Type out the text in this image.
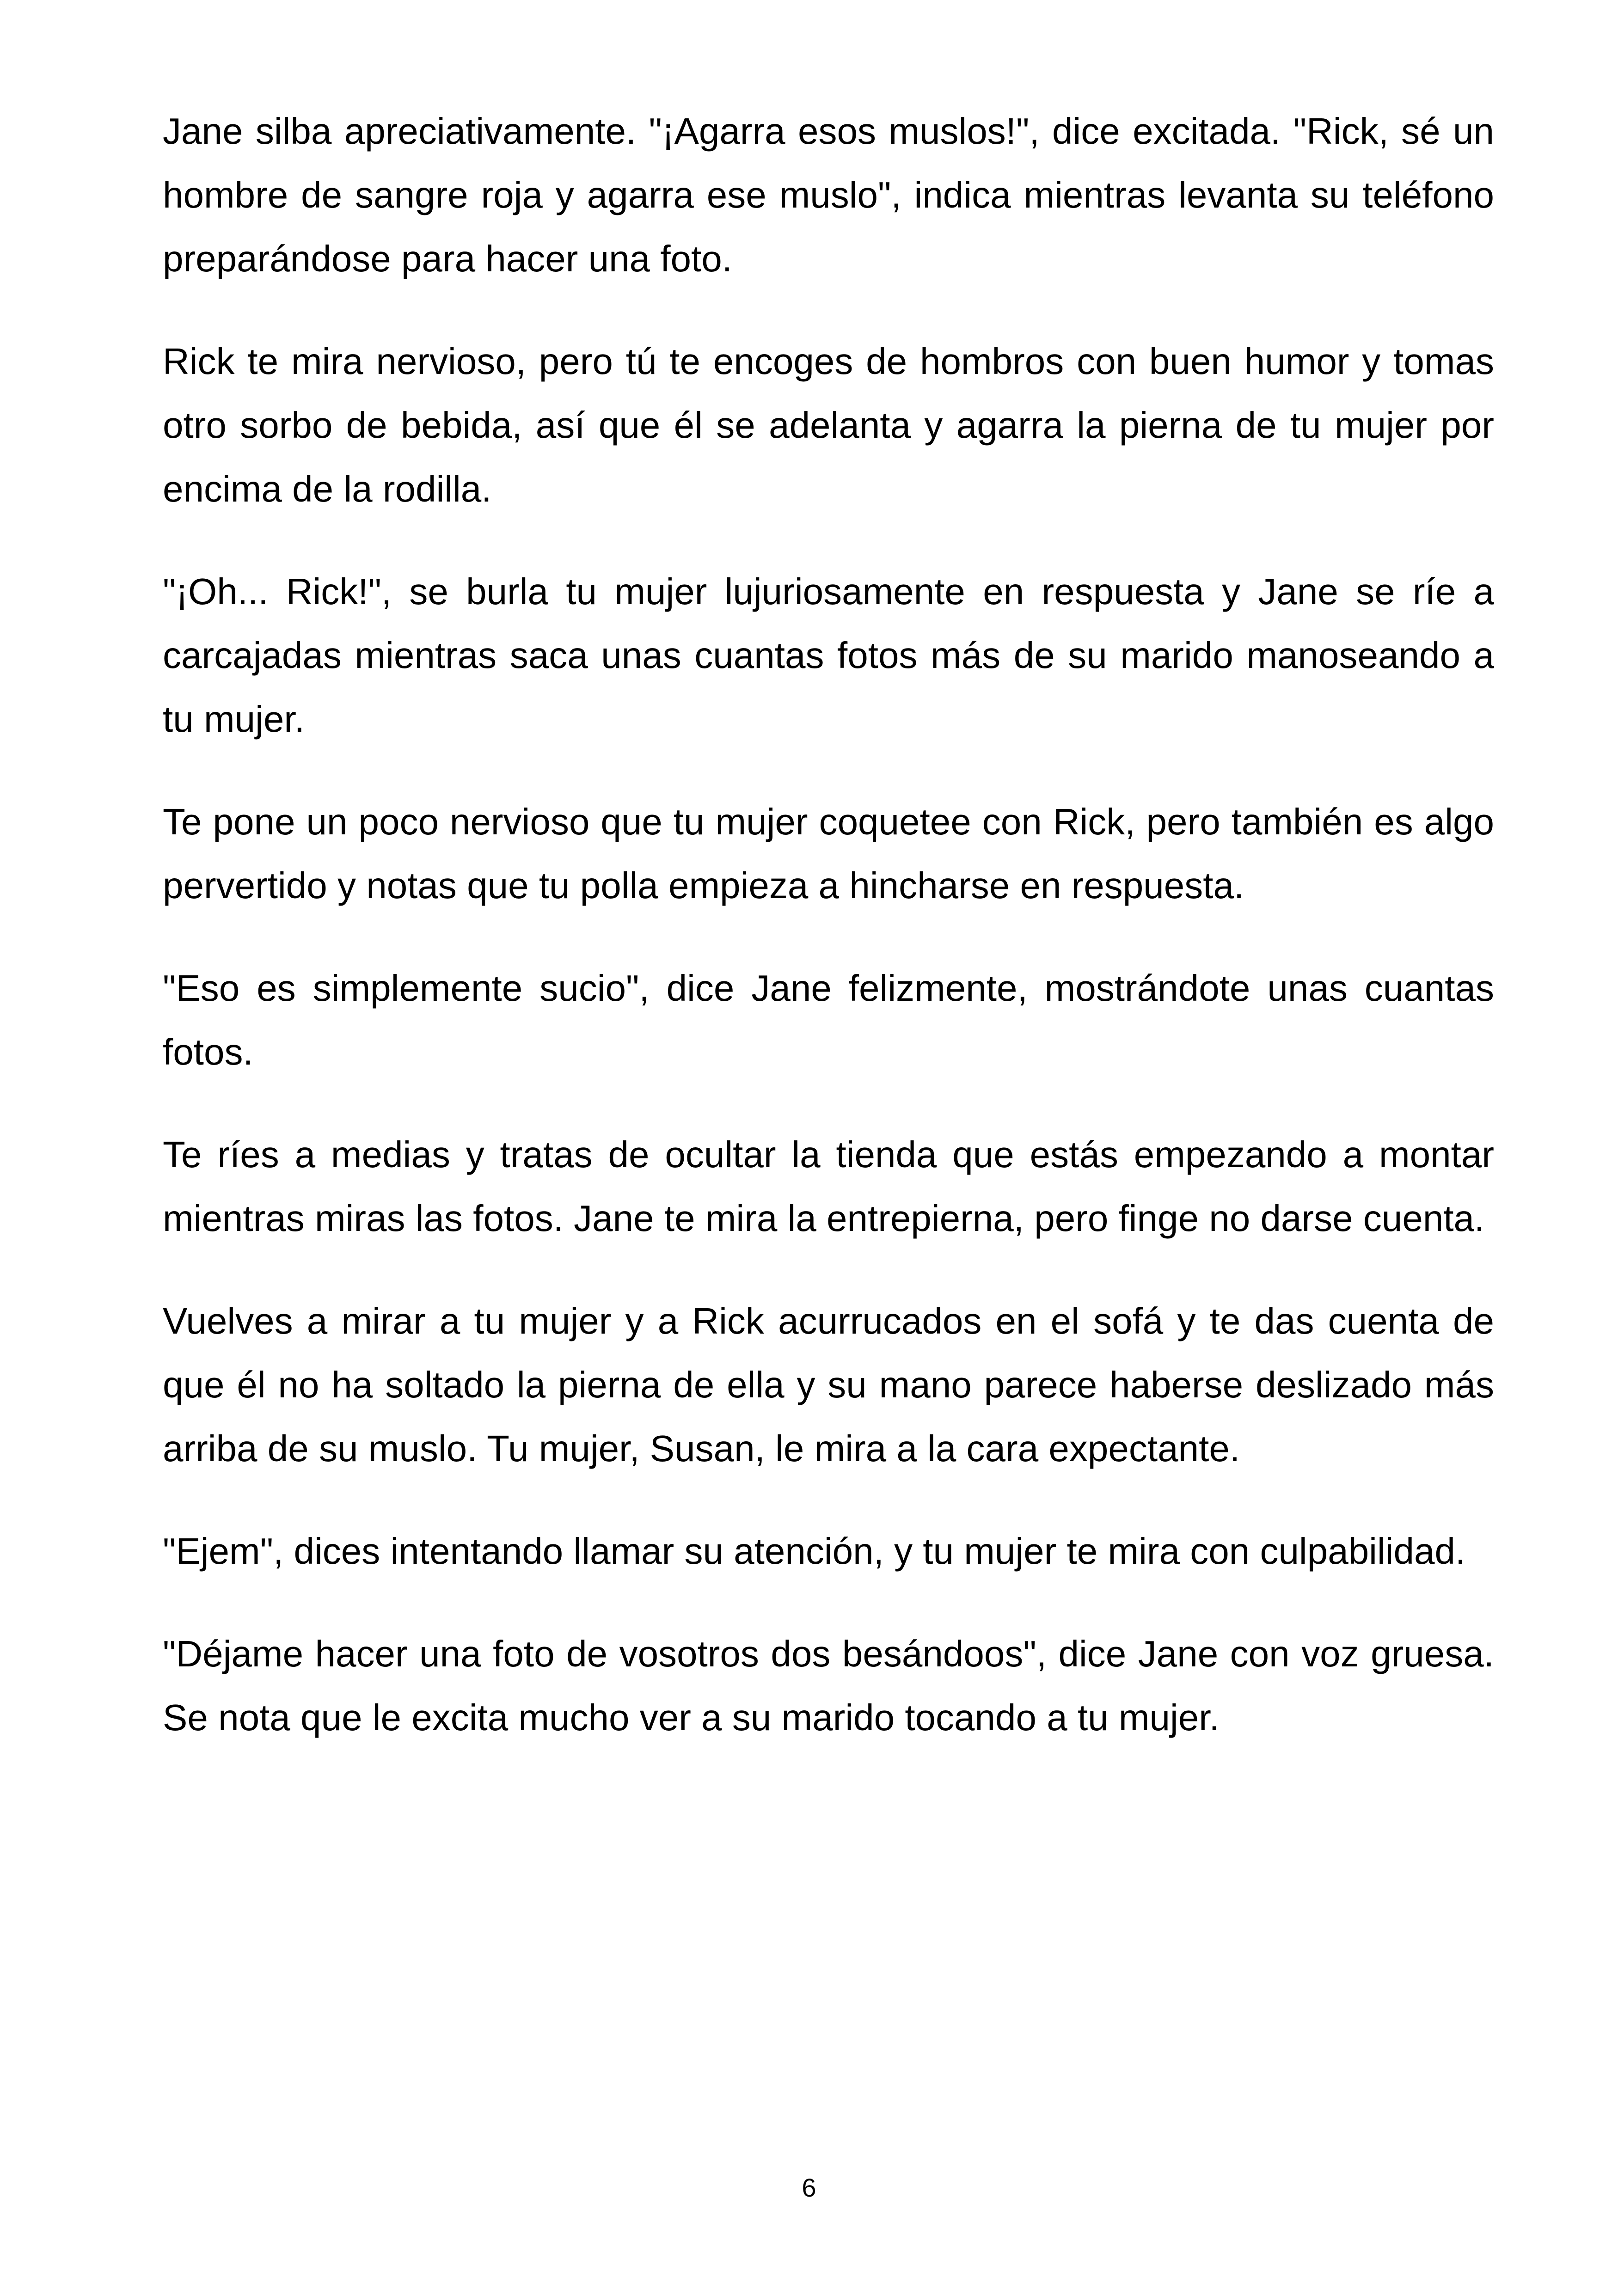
Jane silba apreciativamente. "¡Agarra esos muslos!", dice excitada. "Rick, sé un hombre de sangre roja y agarra ese muslo", indica mientras levanta su teléfono preparándose para hacer una foto.

Rick te mira nervioso, pero tú te encoges de hombros con buen humor y tomas otro sorbo de bebida, así que él se adelanta y agarra la pierna de tu mujer por encima de la rodilla.

"¡Oh... Rick!", se burla tu mujer lujuriosamente en respuesta y Jane se ríe a carcajadas mientras saca unas cuantas fotos más de su marido manoseando a tu mujer.

Te pone un poco nervioso que tu mujer coquetee con Rick, pero también es algo pervertido y notas que tu polla empieza a hincharse en respuesta.

"Eso es simplemente sucio", dice Jane felizmente, mostrándote unas cuantas fotos.

Te ríes a medias y tratas de ocultar la tienda que estás empezando a montar mientras miras las fotos. Jane te mira la entrepierna, pero finge no darse cuenta.

Vuelves a mirar a tu mujer y a Rick acurrucados en el sofá y te das cuenta de que él no ha soltado la pierna de ella y su mano parece haberse deslizado más arriba de su muslo. Tu mujer, Susan, le mira a la cara expectante.

"Ejem", dices intentando llamar su atención, y tu mujer te mira con culpabilidad.

"Déjame hacer una foto de vosotros dos besándoos", dice Jane con voz gruesa. Se nota que le excita mucho ver a su marido tocando a tu mujer.

6
